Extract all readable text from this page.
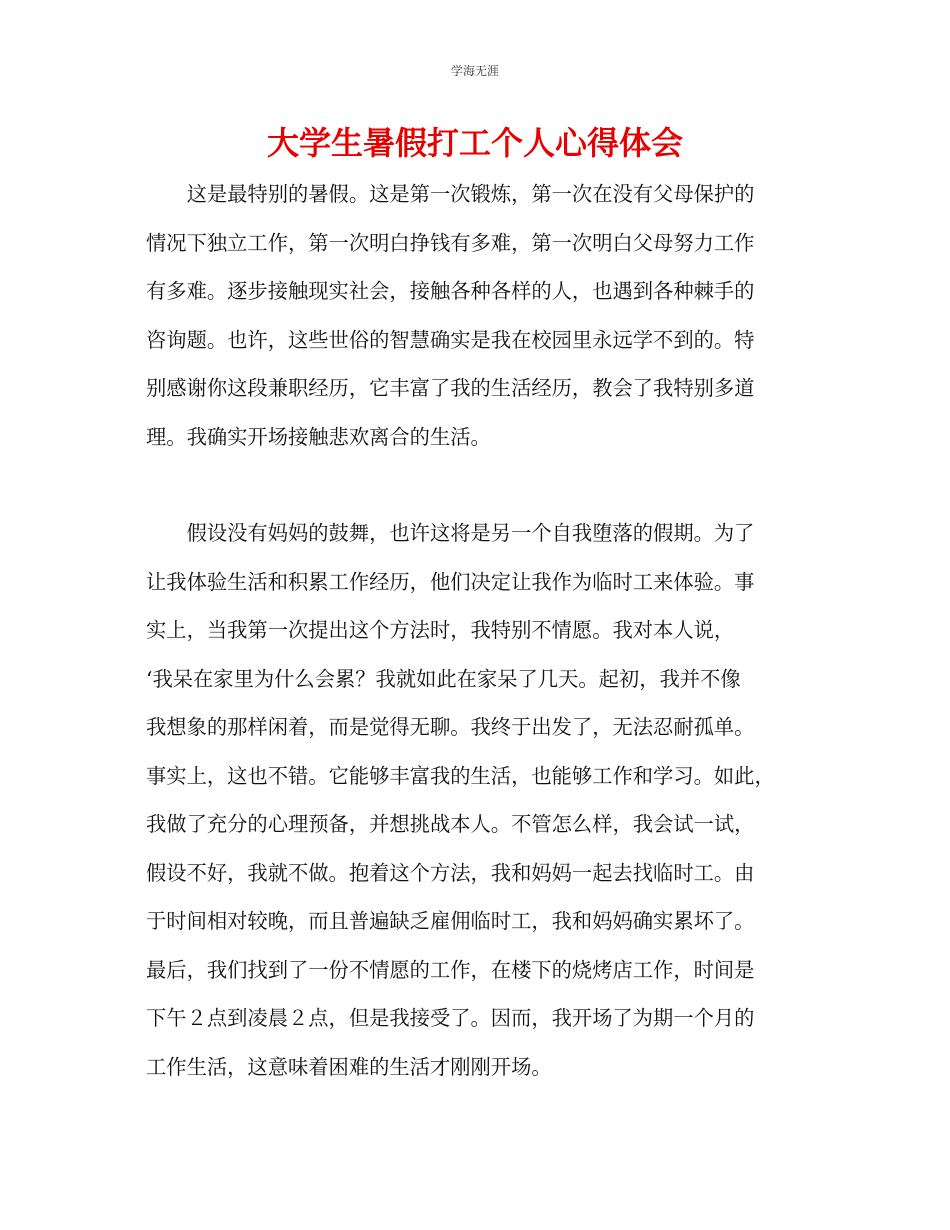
学海无涯
大学生暑假打工个人心得体会
　　这是最特别的暑假。这是第一次锻炼，第一次在没有父母保护的
情况下独立工作，第一次明白挣钱有多难，第一次明白父母努力工作
有多难。逐步接触现实社会，接触各种各样的人，也遇到各种棘手的
咨询题。也许，这些世俗的智慧确实是我在校园里永远学不到的。特
别感谢你这段兼职经历，它丰富了我的生活经历，教会了我特别多道
理。我确实开场接触悲欢离合的生活。
　　假设没有妈妈的鼓舞，也许这将是另一个自我堕落的假期。为了
让我体验生活和积累工作经历，他们决定让我作为临时工来体验。事
实上，当我第一次提出这个方法时，我特别不情愿。我对本人说，
‘我呆在家里为什么会累？我就如此在家呆了几天。起初，我并不像
我想象的那样闲着，而是觉得无聊。我终于出发了，无法忍耐孤单。
事实上，这也不错。它能够丰富我的生活，也能够工作和学习。如此，
我做了充分的心理预备，并想挑战本人。不管怎么样，我会试一试，
假设不好，我就不做。抱着这个方法，我和妈妈一起去找临时工。由
于时间相对较晚，而且普遍缺乏雇佣临时工，我和妈妈确实累坏了。
最后，我们找到了一份不情愿的工作，在楼下的烧烤店工作，时间是
下午２点到凌晨２点，但是我接受了。因而，我开场了为期一个月的
工作生活，这意味着困难的生活才刚刚开场。
